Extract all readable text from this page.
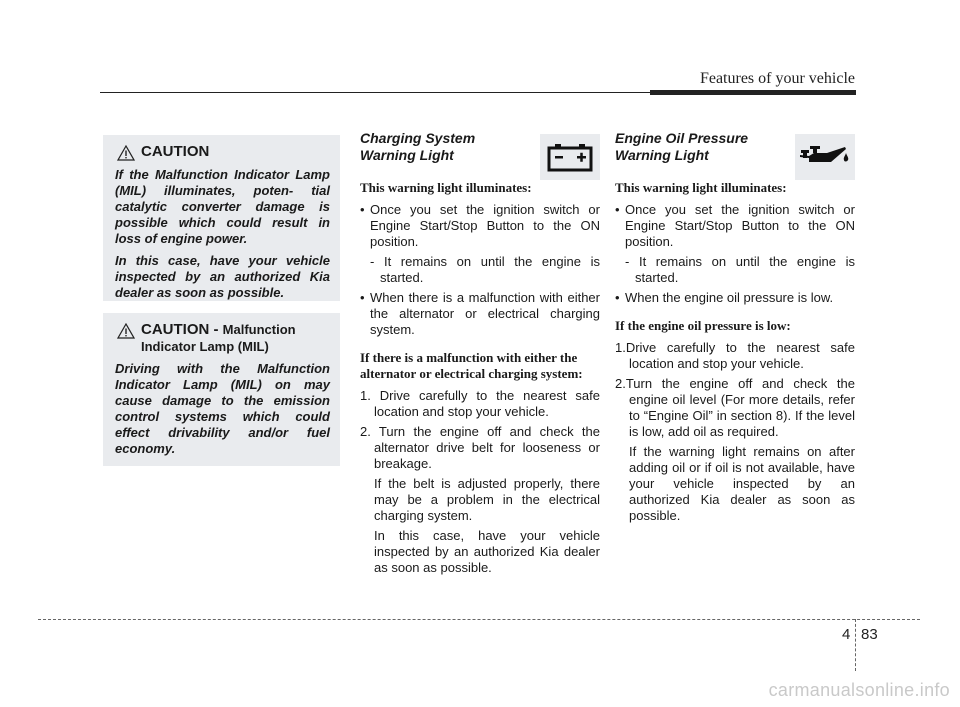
Features of your vehicle
CAUTION

If the Malfunction Indicator Lamp (MIL) illuminates, poten- tial catalytic converter damage is possible which could result in loss of engine power.

In this case, have your vehicle inspected by an authorized Kia dealer as soon as possible.

CAUTION - Malfunction
Indicator Lamp (MIL)

Driving with the Malfunction Indicator Lamp (MIL) on may cause damage to the emission control systems which could effect drivability and/or fuel economy.

Charging System
Warning Light
This warning light illuminates:
• Once you set the ignition switch or Engine Start/Stop Button to the ON position.
- It remains on until the engine is started.
• When there is a malfunction with either the alternator or electrical charging system.
If there is a malfunction with either the alternator or electrical charging system:
1. Drive carefully to the nearest safe location and stop your vehicle.
2. Turn the engine off and check the alternator drive belt for looseness or breakage.
If the belt is adjusted properly, there may be a problem in the electrical charging system.
In this case, have your vehicle inspected by an authorized Kia dealer as soon as possible.
Engine Oil Pressure
Warning Light
This warning light illuminates:
• Once you set the ignition switch or Engine Start/Stop Button to the ON position.
- It remains on until the engine is started.
• When the engine oil pressure is low.
If the engine oil pressure is low:
1.Drive carefully to the nearest safe location and stop your vehicle.
2.Turn the engine off and check the engine oil level (For more details, refer to “Engine Oil” in section 8). If the level is low, add oil as required.
If the warning light remains on after adding oil or if oil is not available, have your vehicle inspected by an authorized Kia dealer as soon as possible.
4 83
carmanualsonline.info
